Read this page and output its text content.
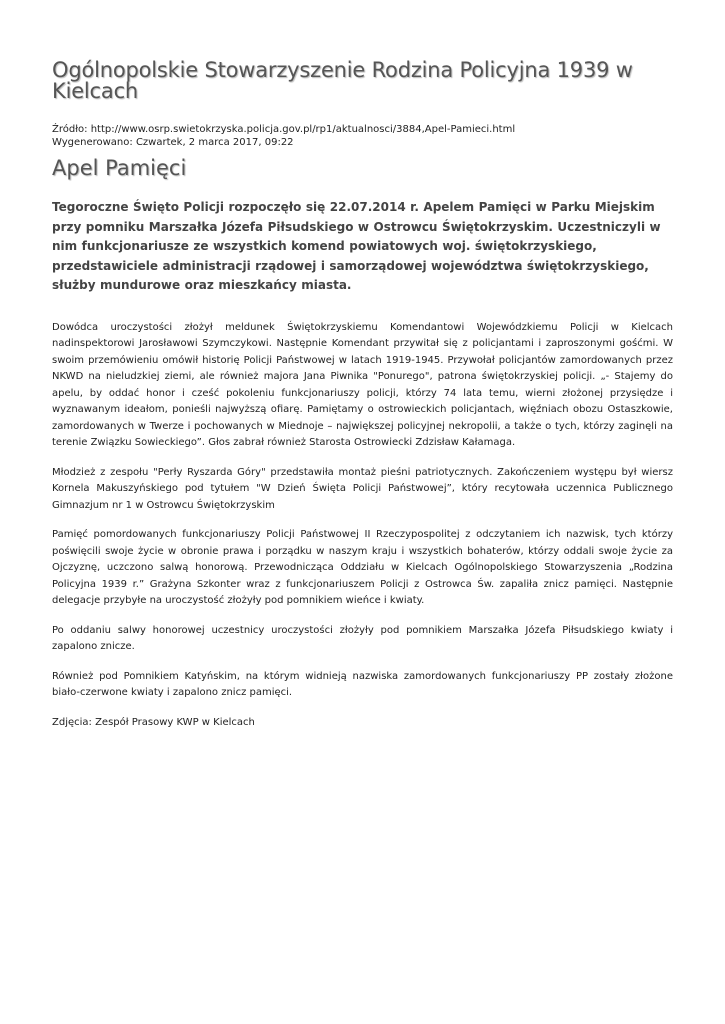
Ogólnopolskie Stowarzyszenie Rodzina Policyjna 1939 w Kielcach

Źródło: http://www.osrp.swietokrzyska.policja.gov.pl/rp1/aktualnosci/3884,Apel-Pamieci.html

Wygenerowano: Czwartek, 2 marca 2017, 09:22

Apel Pamięci

Tegoroczne Święto Policji rozpoczęło się 22.07.2014 r. Apelem Pamięci w Parku Miejskim przy pomniku Marszałka Józefa Piłsudskiego w Ostrowcu Świętokrzyskim. Uczestniczyli w nim funkcjonariusze ze wszystkich komend powiatowych woj. świętokrzyskiego, przedstawiciele administracji rządowej i samorządowej województwa świętokrzyskiego, służby mundurowe oraz mieszkańcy miasta.

Dowódca uroczystości złożył meldunek Świętokrzyskiemu Komendantowi Wojewódzkiemu Policji w Kielcach nadinspektorowi Jarosławowi Szymczykowi. Następnie Komendant przywitał się z policjantami i zaproszonymi gośćmi. W swoim przemówieniu omówił historię Policji Państwowej w latach 1919-1945. Przywołał policjantów zamordowanych przez NKWD na nieludzkiej ziemi, ale również majora Jana Piwnika "Ponurego", patrona świętokrzyskiej policji. „- Stajemy do apelu, by oddać honor i cześć pokoleniu funkcjonariuszy policji, którzy 74 lata temu, wierni złożonej przysiędze i wyznawanym ideałom, ponieśli najwyższą ofiarę. Pamiętamy o ostrowieckich policjantach, więźniach obozu Ostaszkowie, zamordowanych w Twerze i pochowanych w Miednoje – największej policyjnej nekropolii, a także o tych, którzy zaginęli na terenie Związku Sowieckiego”. Głos zabrał również Starosta Ostrowiecki Zdzisław Kałamaga.

Młodzież z zespołu "Perły Ryszarda Góry" przedstawiła montaż pieśni patriotycznych. Zakończeniem występu był wiersz Kornela Makuszyńskiego pod tytułem "W Dzień Święta Policji Państwowej”, który recytowała uczennica Publicznego Gimnazjum nr 1 w Ostrowcu Świętokrzyskim

Pamięć pomordowanych funkcjonariuszy Policji Państwowej II Rzeczypospolitej z odczytaniem ich nazwisk, tych którzy poświęcili swoje życie w obronie prawa i porządku w naszym kraju i wszystkich bohaterów, którzy oddali swoje życie za Ojczyznę, uczczono salwą honorową. Przewodnicząca Oddziału w Kielcach Ogólnopolskiego Stowarzyszenia „Rodzina Policyjna 1939 r.” Grażyna Szkonter wraz z funkcjonariuszem Policji z Ostrowca Św. zapaliła znicz pamięci. Następnie delegacje przybyłe na uroczystość złożyły pod pomnikiem wieńce i kwiaty.

Po oddaniu salwy honorowej uczestnicy uroczystości złożyły pod pomnikiem Marszałka Józefa Piłsudskiego kwiaty i zapalono znicze.

Również pod Pomnikiem Katyńskim, na którym widnieją nazwiska zamordowanych funkcjonariuszy PP zostały złożone biało-czerwone kwiaty i zapalono znicz pamięci.

Zdjęcia: Zespół Prasowy KWP w Kielcach
